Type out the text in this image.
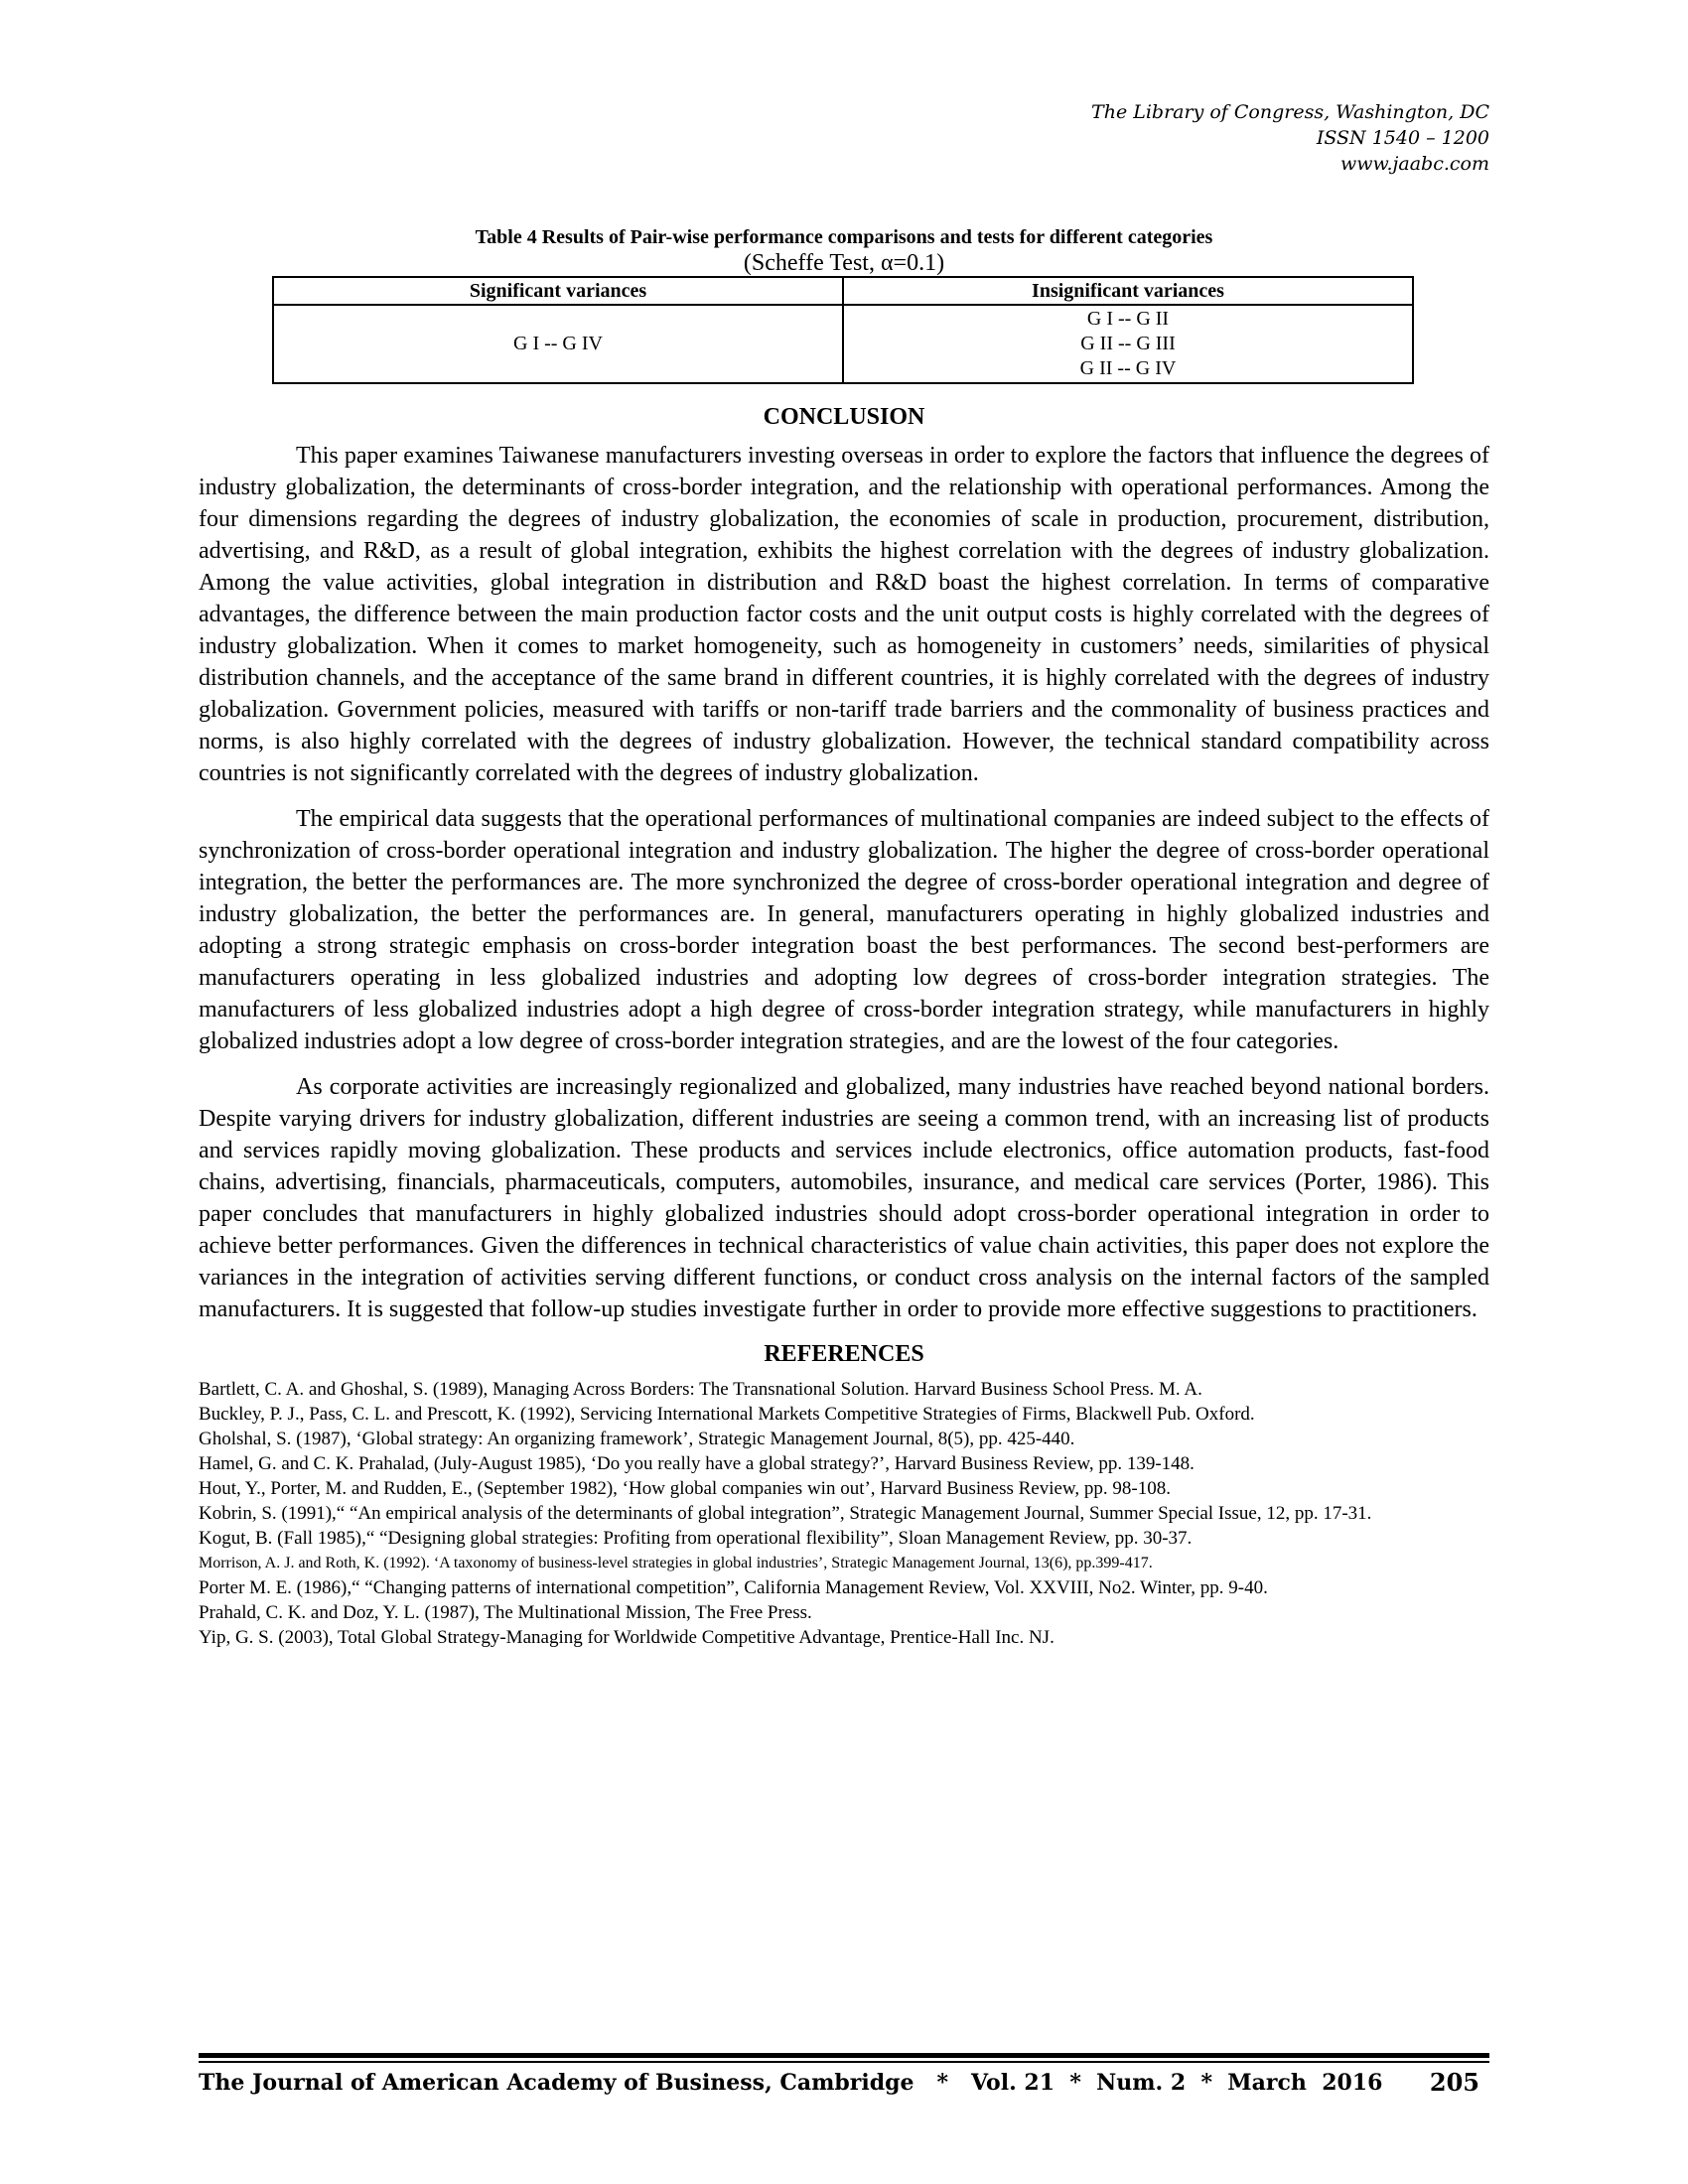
The Library of Congress, Washington, DC
ISSN 1540 – 1200
www.jaabc.com
Table 4 Results of Pair-wise performance comparisons and tests for different categories
(Scheffe Test, α=0.1)
Significant variances	Insignificant variances

G I -- G IV	G I -- G II
G II -- G III
G II -- G IV
CONCLUSION

This paper examines Taiwanese manufacturers investing overseas in order to explore the factors that influence the degrees of industry globalization, the determinants of cross-border integration, and the relationship with operational performances. Among the four dimensions regarding the degrees of industry globalization, the economies of scale in production, procurement, distribution, advertising, and R&D, as a result of global integration, exhibits the highest correlation with the degrees of industry globalization. Among the value activities, global integration in distribution and R&D boast the highest correlation. In terms of comparative advantages, the difference between the main production factor costs and the unit output costs is highly correlated with the degrees of industry globalization. When it comes to market homogeneity, such as homogeneity in customers’ needs, similarities of physical distribution channels, and the acceptance of the same brand in different countries, it is highly correlated with the degrees of industry globalization. Government policies, measured with tariffs or non-tariff trade barriers and the commonality of business practices and norms, is also highly correlated with the degrees of industry globalization. However, the technical standard compatibility across countries is not significantly correlated with the degrees of industry globalization.

The empirical data suggests that the operational performances of multinational companies are indeed subject to the effects of synchronization of cross-border operational integration and industry globalization. The higher the degree of cross-border operational integration, the better the performances are. The more synchronized the degree of cross-border operational integration and degree of industry globalization, the better the performances are. In general, manufacturers operating in highly globalized industries and adopting a strong strategic emphasis on cross-border integration boast the best performances. The second best-performers are manufacturers operating in less globalized industries and adopting low degrees of cross-border integration strategies. The manufacturers of less globalized industries adopt a high degree of cross-border integration strategy, while manufacturers in highly globalized industries adopt a low degree of cross-border integration strategies, and are the lowest of the four categories.

As corporate activities are increasingly regionalized and globalized, many industries have reached beyond national borders. Despite varying drivers for industry globalization, different industries are seeing a common trend, with an increasing list of products and services rapidly moving globalization. These products and services include electronics, office automation products, fast-food chains, advertising, financials, pharmaceuticals, computers, automobiles, insurance, and medical care services (Porter, 1986). This paper concludes that manufacturers in highly globalized industries should adopt cross-border operational integration in order to achieve better performances. Given the differences in technical characteristics of value chain activities, this paper does not explore the variances in the integration of activities serving different functions, or conduct cross analysis on the internal factors of the sampled manufacturers. It is suggested that follow-up studies investigate further in order to provide more effective suggestions to practitioners.

REFERENCES
Bartlett, C. A. and Ghoshal, S. (1989), Managing Across Borders: The Transnational Solution. Harvard Business School Press. M. A.
Buckley, P. J., Pass, C. L. and Prescott, K. (1992), Servicing International Markets Competitive Strategies of Firms, Blackwell Pub. Oxford.
Gholshal, S. (1987), ‘Global strategy: An organizing framework’, Strategic Management Journal, 8(5), pp. 425-440.
Hamel, G. and C. K. Prahalad, (July-August 1985), ‘Do you really have a global strategy?’, Harvard Business Review, pp. 139-148.
Hout, Y., Porter, M. and Rudden, E., (September 1982), ‘How global companies win out’, Harvard Business Review, pp. 98-108.
Kobrin, S. (1991),“ “An empirical analysis of the determinants of global integration”, Strategic Management Journal, Summer Special Issue, 12, pp. 17-31.
Kogut, B. (Fall 1985),“ “Designing global strategies: Profiting from operational flexibility”, Sloan Management Review, pp. 30-37.
Morrison, A. J. and Roth, K. (1992). ‘A taxonomy of business-level strategies in global industries’, Strategic Management Journal, 13(6), pp.399-417.
Porter M. E. (1986),“ “Changing patterns of international competition”, California Management Review, Vol. XXVIII, No2. Winter, pp. 9-40.
Prahald, C. K. and Doz, Y. L. (1987), The Multinational Mission, The Free Press.
Yip, G. S. (2003), Total Global Strategy-Managing for Worldwide Competitive Advantage, Prentice-Hall Inc. NJ.
The Journal of American Academy of Business, Cambridge   *   Vol. 21  *  Num. 2  *  March  2016 205
